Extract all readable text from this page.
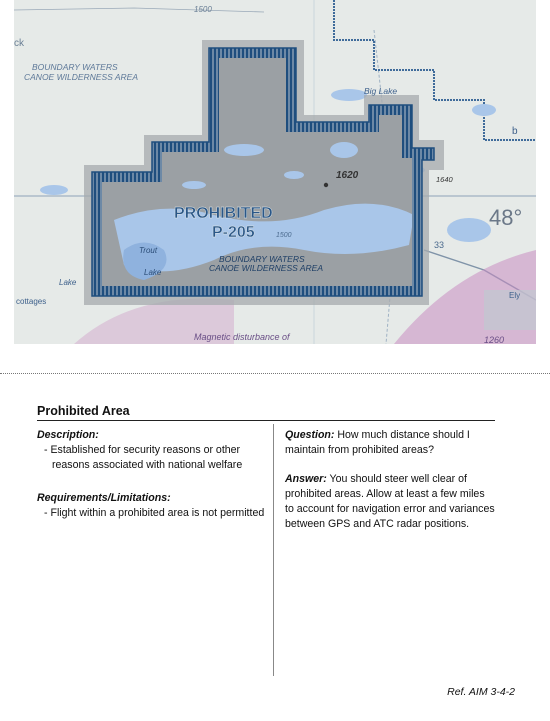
1500
ck
BOUNDARY WATERS
CANOE WILDERNESS AREA
Big Lake
b
1620	1640
PROHIBITED
P-205	1500
BOUNDARY WATERS
CANOE WILDERNESS AREA
48°
Trout
Lake
Lake
cottages
33
Ely
Magnetic disturbance of	1260
Prohibited Area
Description:
- Established for security reasons or other reasons associated with national welfare
Requirements/Limitations:
- Flight within a prohibited area is not permitted
Question: How much distance should I maintain from prohibited areas?
Answer: You should steer well clear of prohibited areas. Allow at least a few miles to account for navigation error and variances between GPS and ATC radar positions.
Ref. AIM 3-4-2
